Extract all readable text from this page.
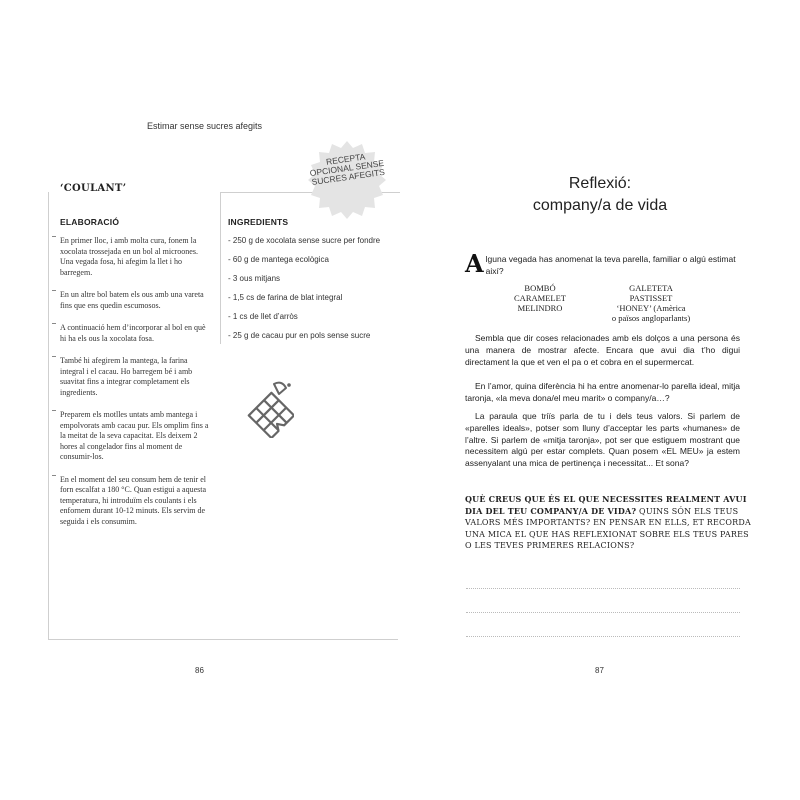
Estimar sense sucres afegits
RECEPTA OPCIONAL SENSE SUCRES AFEGITS
‘COULANT’
ELABORACIÓ	INGREDIENTS
En primer lloc, i amb molta cura, fonem la xocolata trossejada en un bol al microones. Una vegada fosa, hi afegim la llet i ho barregem.
En un altre bol batem els ous amb una vareta fins que ens quedin escumosos.
A continuació hem d’incorporar al bol en què hi ha els ous la xocolata fosa.
També hi afegirem la mantega, la farina integral i el cacau. Ho barregem bé i amb suavitat fins a integrar completament els ingredients.
Preparem els motlles untats amb mantega i empolvorats amb cacau pur. Els omplim fins a la meitat de la seva capacitat. Els deixem 2 hores al congelador fins al moment de consumir-los.
En el moment del seu consum hem de tenir el forn escalfat a 180 °C. Quan estigui a aquesta temperatura, hi introduïm els coulants i els enfornem durant 10-12 minuts. Els servim de seguida i els consumim.
- 250 g de xocolata sense sucre per fondre
- 60 g de mantega ecològica
- 3 ous mitjans
- 1,5 cs de farina de blat integral
- 1 cs de llet d’arròs
- 25 g de cacau pur en pols sense sucre
86
Reflexió:
company/a de vida
Alguna vegada has anomenat la teva parella, familiar o algú estimat així?
BOMBÓ
CARAMELET
MELINDRO
GALETETA
PASTISSET
‘HONEY’ (Amèrica
o països angloparlants)
Sembla que dir coses relacionades amb els dolços a una persona és una manera de mostrar afecte. Encara que avui dia t’ho digui directament la que et ven el pa o et cobra en el supermercat.
En l’amor, quina diferència hi ha entre anomenar-lo parella ideal, mitja taronja, «la meva dona/el meu marit» o company/a…?
La paraula que triïs parla de tu i dels teus valors. Si parlem de «parelles ideals», potser som lluny d’acceptar les parts «humanes» de l’altre. Si parlem de «mitja taronja», pot ser que estiguem mostrant que necessitem algú per estar complets. Quan posem «EL MEU» ja estem assenyalant una mica de pertinença i necessitat... Et sona?
QUÈ CREUS QUE ÉS EL QUE NECESSITES REALMENT AVUI DIA DEL TEU COMPANY/A DE VIDA? QUINS SÓN ELS TEUS VALORS MÉS IMPORTANTS? EN PENSAR EN ELLS, ET RECORDA UNA MICA EL QUE HAS REFLEXIONAT SOBRE ELS TEUS PARES O LES TEVES PRIMERES RELACIONS?
87
